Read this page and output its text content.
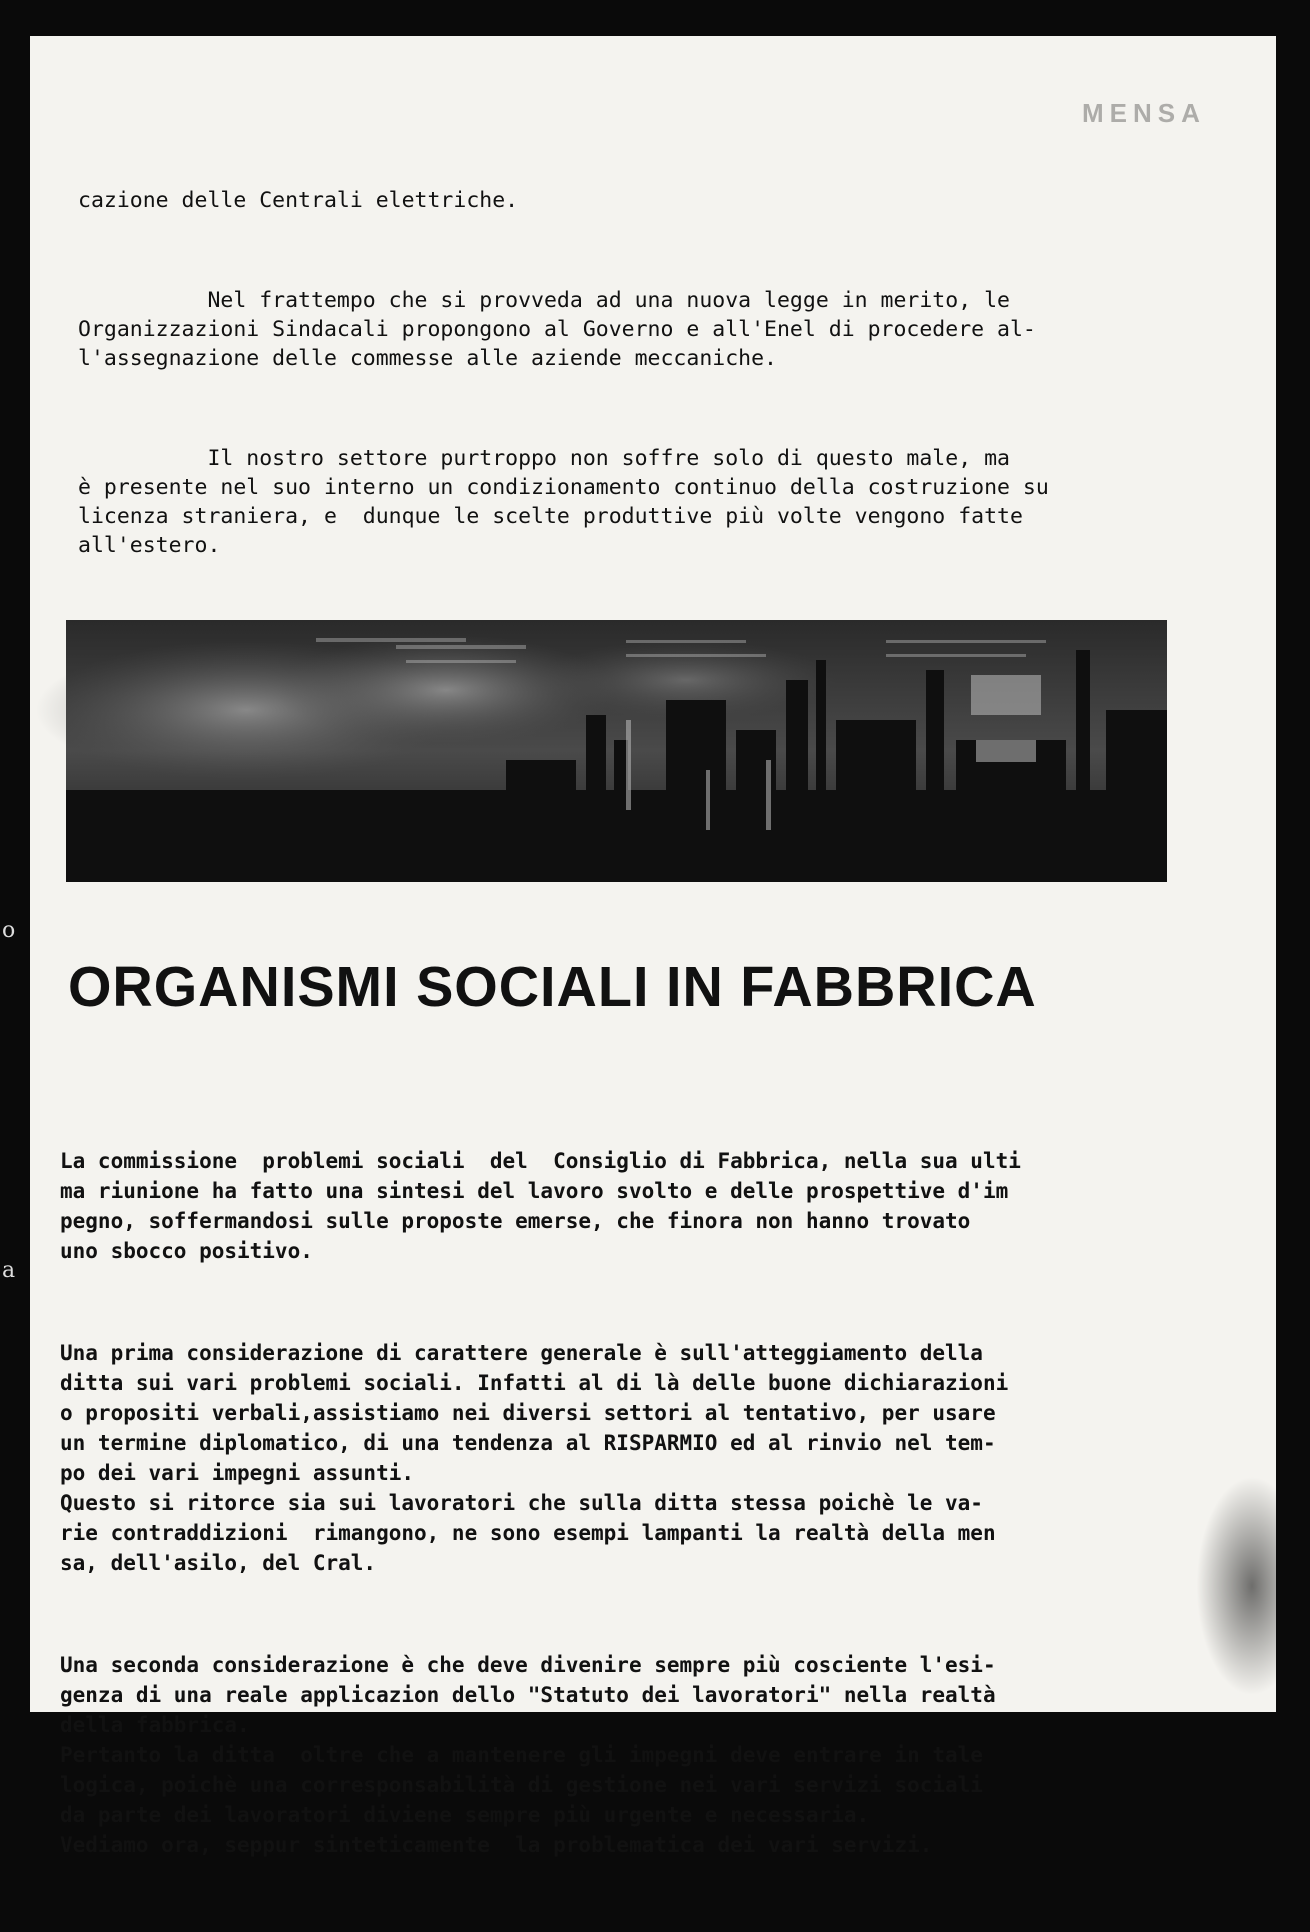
MENSA

cazione delle Centrali elettriche.

Nel frattempo che si provveda ad una nuova legge in merito, le
Organizzazioni Sindacali propongono al Governo e all'Enel di procedere al-
l'assegnazione delle commesse alle aziende meccaniche.

Il nostro settore purtroppo non soffre solo di questo male, ma
è presente nel suo interno un condizionamento continuo della costruzione su
licenza straniera, e  dunque le scelte produttive più volte vengono fatte
all'estero.

ORGANISMI SOCIALI IN FABBRICA

La commissione  problemi sociali  del  Consiglio di Fabbrica, nella sua ulti
ma riunione ha fatto una sintesi del lavoro svolto e delle prospettive d'im
pegno, soffermandosi sulle proposte emerse, che finora non hanno trovato
uno sbocco positivo.

Una prima considerazione di carattere generale è sull'atteggiamento della
ditta sui vari problemi sociali. Infatti al di là delle buone dichiarazioni
o propositi verbali,assistiamo nei diversi settori al tentativo, per usare
un termine diplomatico, di una tendenza al RISPARMIO ed al rinvio nel tem-
po dei vari impegni assunti.
Questo si ritorce sia sui lavoratori che sulla ditta stessa poichè le va-
rie contraddizioni  rimangono, ne sono esempi lampanti la realtà della men
sa, dell'asilo, del Cral.

Una seconda considerazione è che deve divenire sempre più cosciente l'esi-
genza di una reale applicazion dello "Statuto dei lavoratori" nella realtà
della fabbrica.
Pertanto la ditta  oltre che a mantenere gli impegni deve entrare in tale
logica, poichè una corresponsabilità di gestione nei vari servizi sociali
da parte dei lavoratori diviene sempre più urgente e necessaria.
Vediamo ora, seppur sinteticamente  la problematica dei vari servizi.

o
a
